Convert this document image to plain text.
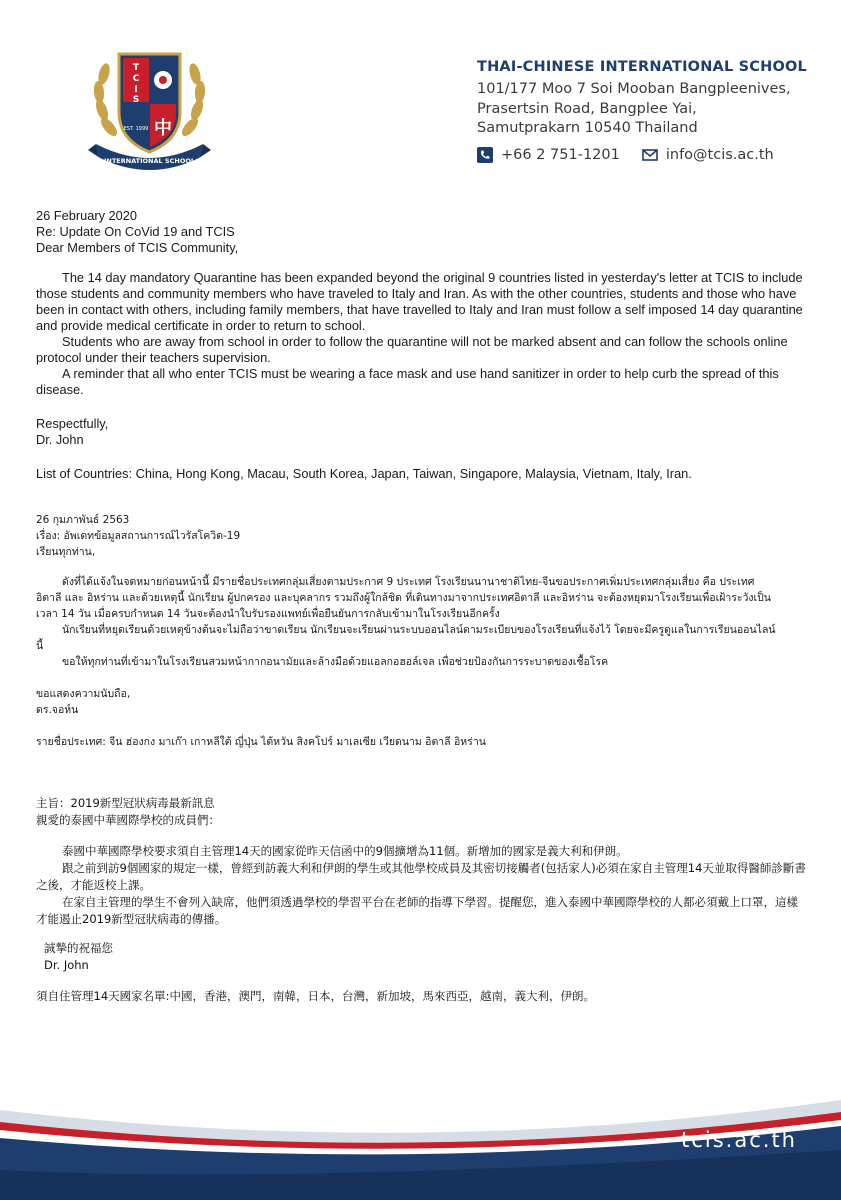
T
C
I
S
中
EST. 1999
INTERNATIONAL SCHOOL
THAI-CHINESE INTERNATIONAL SCHOOL
101/177 Moo 7 Soi Mooban Bangpleenives,
Prasertsin Road, Bangplee Yai,
Samutprakarn 10540 Thailand
+66 2 751-1201	info@tcis.ac.th
26 February 2020
Re: Update On CoVid 19 and TCIS
Dear Members of TCIS Community,
The 14 day mandatory Quarantine has been expanded beyond the original 9 countries listed in yesterday's letter at TCIS to include those students and community members who have traveled to Italy and Iran. As with the other countries, students and those who have been in contact with others, including family members, that have travelled to Italy and Iran must follow a self imposed 14 day quarantine and provide medical certificate in order to return to school.
Students who are away from school in order to follow the quarantine will not be marked absent and can follow the schools online protocol under their teachers supervision.
A reminder that all who enter TCIS must be wearing a face mask and use hand sanitizer in order to help curb the spread of this disease.
Respectfully,
Dr. John
List of Countries: China, Hong Kong, Macau, South Korea, Japan, Taiwan, Singapore, Malaysia, Vietnam, Italy, Iran.
26 กุมภาพันธ์ 2563
เรื่อง: อัพเดทข้อมูลสถานการณ์ไวรัสโควิด-19
เรียนทุกท่าน,
ดังที่ได้แจ้งในจดหมายก่อนหน้านี้ มีรายชื่อประเทศกลุ่มเสี่ยงตามประกาศ 9 ประเทศ โรงเรียนนานาชาติไทย-จีนขอประกาศเพิ่มประเทศกลุ่มเสี่ยง คือ ประเทศอิตาลี และ อิหร่าน และด้วยเหตุนี้ นักเรียน ผู้ปกครอง และบุคลากร รวมถึงผู้ใกล้ชิด ที่เดินทางมาจากประเทศอิตาลี และอิหร่าน จะต้องหยุดมาโรงเรียนเพื่อเฝ้าระวังเป็นเวลา 14 วัน เมื่อครบกำหนด 14 วันจะต้องนำใบรับรองแพทย์เพื่อยืนยันการกลับเข้ามาในโรงเรียนอีกครั้ง
นักเรียนที่หยุดเรียนด้วยเหตุข้างต้นจะไม่ถือว่าขาดเรียน นักเรียนจะเรียนผ่านระบบออนไลน์ตามระเบียบของโรงเรียนที่แจ้งไว้ โดยจะมีครูดูแลในการเรียนออนไลน์นี้
ขอให้ทุกท่านที่เข้ามาในโรงเรียนสวมหน้ากากอนามัยและล้างมือด้วยแอลกอฮอล์เจล เพื่อช่วยป้องกันการระบาดของเชื้อโรค
ขอแสดงความนับถือ,
ดร.จอห์น
รายชื่อประเทศ: จีน ฮ่องกง มาเก๊า เกาหลีใต้ ญี่ปุ่น ไต้หวัน สิงคโปร์ มาเลเซีย เวียดนาม อิตาลี อิหร่าน
主旨：2019新型冠狀病毒最新訊息
親愛的泰國中華國際學校的成員們：
泰國中華國際學校要求須自主管理14天的國家從昨天信函中的9個擴增為11個。新增加的國家是義大利和伊朗。
跟之前到訪9個國家的規定一樣，曾經到訪義大利和伊朗的學生或其他學校成員及其密切接觸者(包括家人)必須在家自主管理14天並取得醫師診斷書之後，才能返校上課。
在家自主管理的學生不會列入缺席，他們須透過學校的學習平台在老師的指導下學習。提醒您，進入泰國中華國際學校的人都必須戴上口罩，這樣才能遏止2019新型冠狀病毒的傳播。
誠摯的祝福您
Dr. John
須自住管理14天國家名單:中國，香港，澳門，南韓，日本，台灣，新加坡，馬來西亞，越南，義大利，伊朗。
tcis.ac.th
